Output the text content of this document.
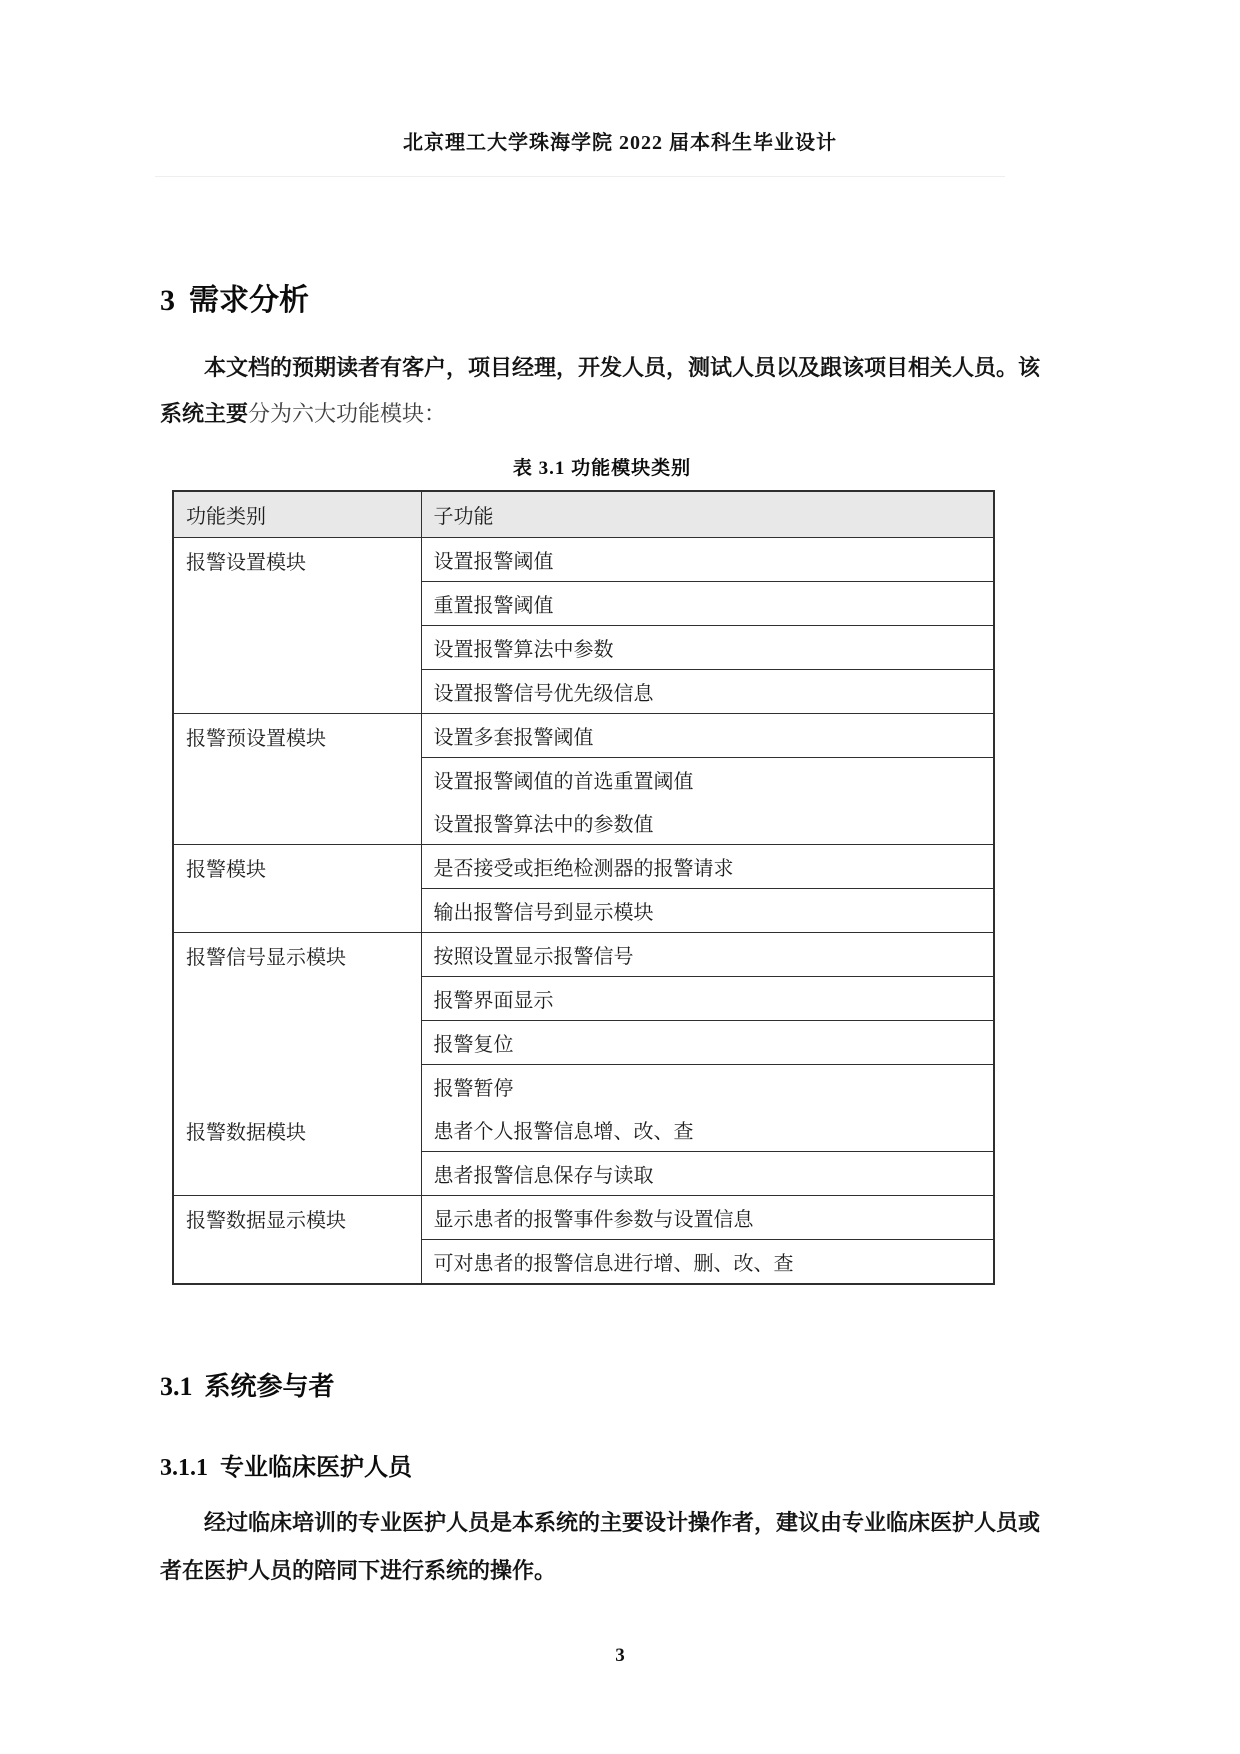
北京理工大学珠海学院 2022 届本科生毕业设计
3 需求分析

本文档的预期读者有客户，项目经理，开发人员，测试人员以及跟该项目相关人员。该系统主要分为六大功能模块：

表 3.1 功能模块类别
功能类别	子功能
报警设置模块	设置报警阈值
	重置报警阈值
	设置报警算法中参数
	设置报警信号优先级信息
报警预设置模块	设置多套报警阈值
	设置报警阈值的首选重置阈值
	设置报警算法中的参数值
报警模块	是否接受或拒绝检测器的报警请求
	输出报警信号到显示模块
报警信号显示模块	按照设置显示报警信号
	报警界面显示
	报警复位
	报警暂停
报警数据模块	患者个人报警信息增、改、查
	患者报警信息保存与读取
报警数据显示模块	显示患者的报警事件参数与设置信息
	可对患者的报警信息进行增、删、改、查
3.1 系统参与者
3.1.1 专业临床医护人员

经过临床培训的专业医护人员是本系统的主要设计操作者，建议由专业临床医护人员或者在医护人员的陪同下进行系统的操作。

3
